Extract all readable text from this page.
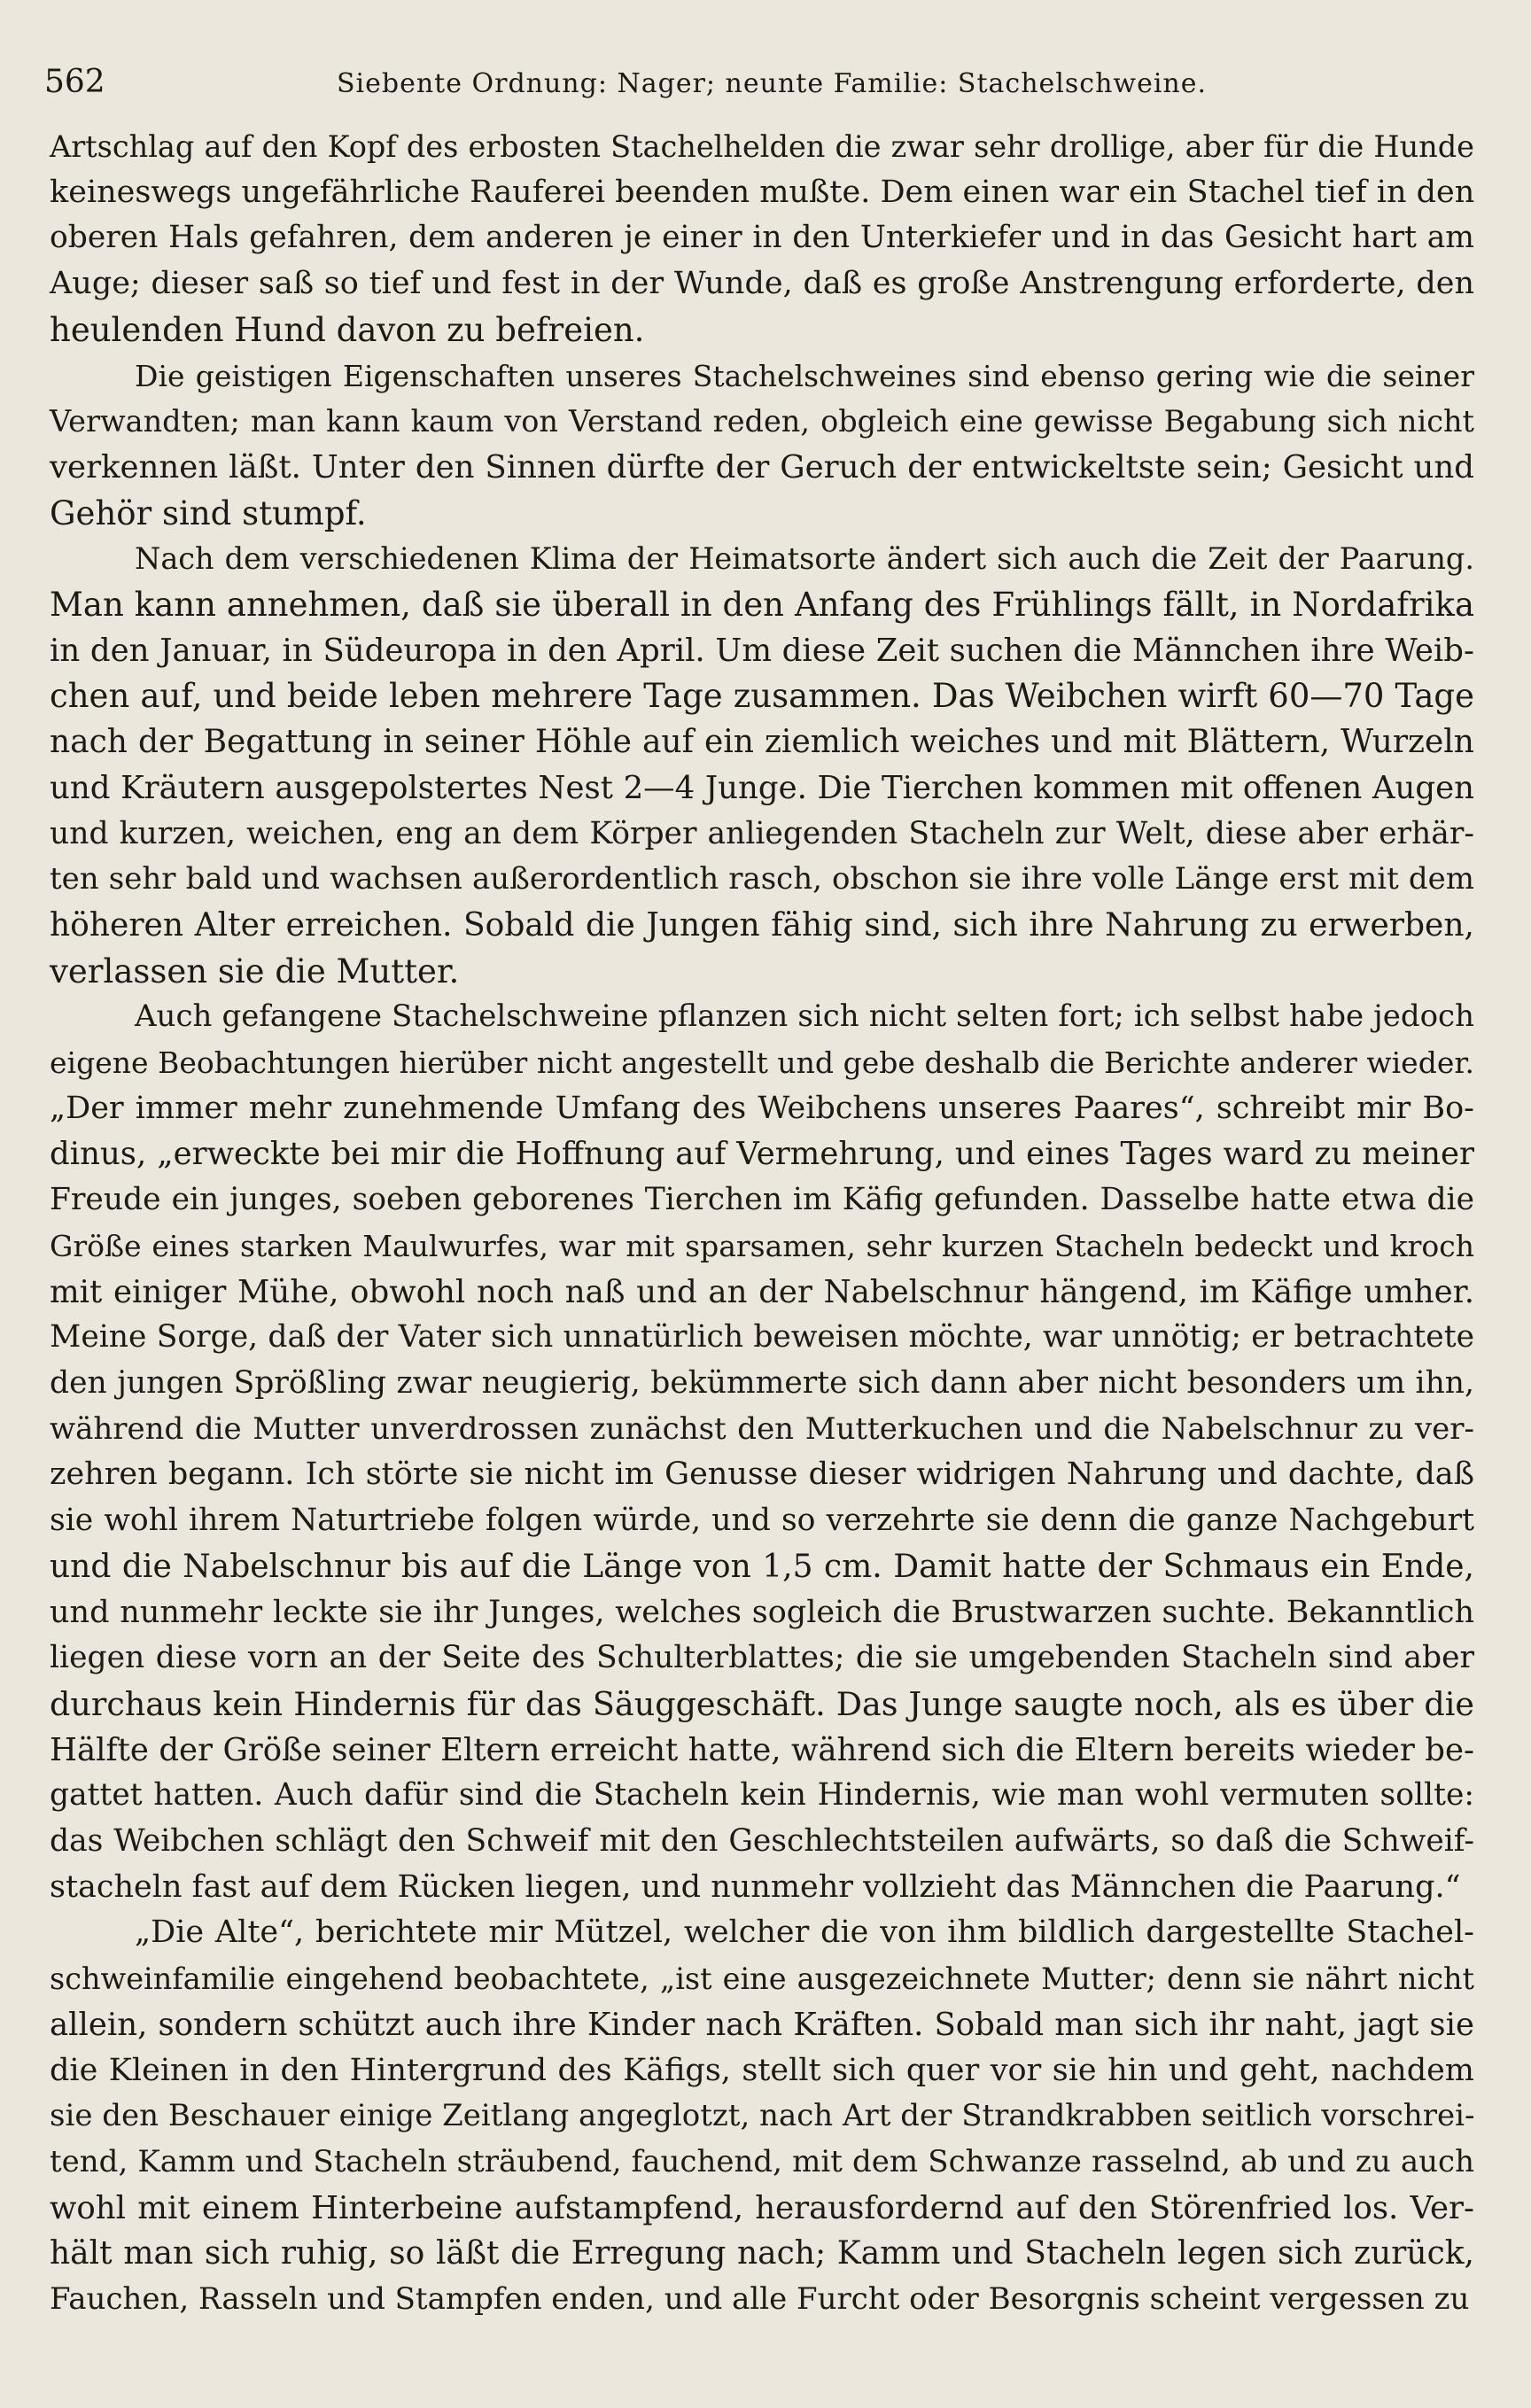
562	Siebente Ordnung: Nager; neunte Familie: Stachelschweine.
Artschlag auf den Kopf des erbosten Stachelhelden die zwar sehr drollige, aber für die Hunde
keineswegs ungefährliche Rauferei beenden mußte. Dem einen war ein Stachel tief in den
oberen Hals gefahren, dem anderen je einer in den Unterkiefer und in das Gesicht hart am
Auge; dieser saß so tief und fest in der Wunde, daß es große Anstrengung erforderte, den
heulenden Hund davon zu befreien.
Die geistigen Eigenschaften unseres Stachelschweines sind ebenso gering wie die seiner
Verwandten; man kann kaum von Verstand reden, obgleich eine gewisse Begabung sich nicht
verkennen läßt. Unter den Sinnen dürfte der Geruch der entwickeltste sein; Gesicht und
Gehör sind stumpf.
Nach dem verschiedenen Klima der Heimatsorte ändert sich auch die Zeit der Paarung.
Man kann annehmen, daß sie überall in den Anfang des Frühlings fällt, in Nordafrika
in den Januar, in Südeuropa in den April. Um diese Zeit suchen die Männchen ihre Weib-
chen auf, und beide leben mehrere Tage zusammen. Das Weibchen wirft 60—70 Tage
nach der Begattung in seiner Höhle auf ein ziemlich weiches und mit Blättern, Wurzeln
und Kräutern ausgepolstertes Nest 2—4 Junge. Die Tierchen kommen mit offenen Augen
und kurzen, weichen, eng an dem Körper anliegenden Stacheln zur Welt, diese aber erhär-
ten sehr bald und wachsen außerordentlich rasch, obschon sie ihre volle Länge erst mit dem
höheren Alter erreichen. Sobald die Jungen fähig sind, sich ihre Nahrung zu erwerben,
verlassen sie die Mutter.
Auch gefangene Stachelschweine pflanzen sich nicht selten fort; ich selbst habe jedoch
eigene Beobachtungen hierüber nicht angestellt und gebe deshalb die Berichte anderer wieder.
„Der immer mehr zunehmende Umfang des Weibchens unseres Paares“, schreibt mir Bo-
dinus, „erweckte bei mir die Hoffnung auf Vermehrung, und eines Tages ward zu meiner
Freude ein junges, soeben geborenes Tierchen im Käfig gefunden. Dasselbe hatte etwa die
Größe eines starken Maulwurfes, war mit sparsamen, sehr kurzen Stacheln bedeckt und kroch
mit einiger Mühe, obwohl noch naß und an der Nabelschnur hängend, im Käfige umher.
Meine Sorge, daß der Vater sich unnatürlich beweisen möchte, war unnötig; er betrachtete
den jungen Sprößling zwar neugierig, bekümmerte sich dann aber nicht besonders um ihn,
während die Mutter unverdrossen zunächst den Mutterkuchen und die Nabelschnur zu ver-
zehren begann. Ich störte sie nicht im Genusse dieser widrigen Nahrung und dachte, daß
sie wohl ihrem Naturtriebe folgen würde, und so verzehrte sie denn die ganze Nachgeburt
und die Nabelschnur bis auf die Länge von 1,5 cm. Damit hatte der Schmaus ein Ende,
und nunmehr leckte sie ihr Junges, welches sogleich die Brustwarzen suchte. Bekanntlich
liegen diese vorn an der Seite des Schulterblattes; die sie umgebenden Stacheln sind aber
durchaus kein Hindernis für das Säuggeschäft. Das Junge saugte noch, als es über die
Hälfte der Größe seiner Eltern erreicht hatte, während sich die Eltern bereits wieder be-
gattet hatten. Auch dafür sind die Stacheln kein Hindernis, wie man wohl vermuten sollte:
das Weibchen schlägt den Schweif mit den Geschlechtsteilen aufwärts, so daß die Schweif-
stacheln fast auf dem Rücken liegen, und nunmehr vollzieht das Männchen die Paarung.“
„Die Alte“, berichtete mir Mützel, welcher die von ihm bildlich dargestellte Stachel-
schweinfamilie eingehend beobachtete, „ist eine ausgezeichnete Mutter; denn sie nährt nicht
allein, sondern schützt auch ihre Kinder nach Kräften. Sobald man sich ihr naht, jagt sie
die Kleinen in den Hintergrund des Käfigs, stellt sich quer vor sie hin und geht, nachdem
sie den Beschauer einige Zeitlang angeglotzt, nach Art der Strandkrabben seitlich vorschrei-
tend, Kamm und Stacheln sträubend, fauchend, mit dem Schwanze rasselnd, ab und zu auch
wohl mit einem Hinterbeine aufstampfend, herausfordernd auf den Störenfried los. Ver-
hält man sich ruhig, so läßt die Erregung nach; Kamm und Stacheln legen sich zurück,
Fauchen, Rasseln und Stampfen enden, und alle Furcht oder Besorgnis scheint vergessen zu
